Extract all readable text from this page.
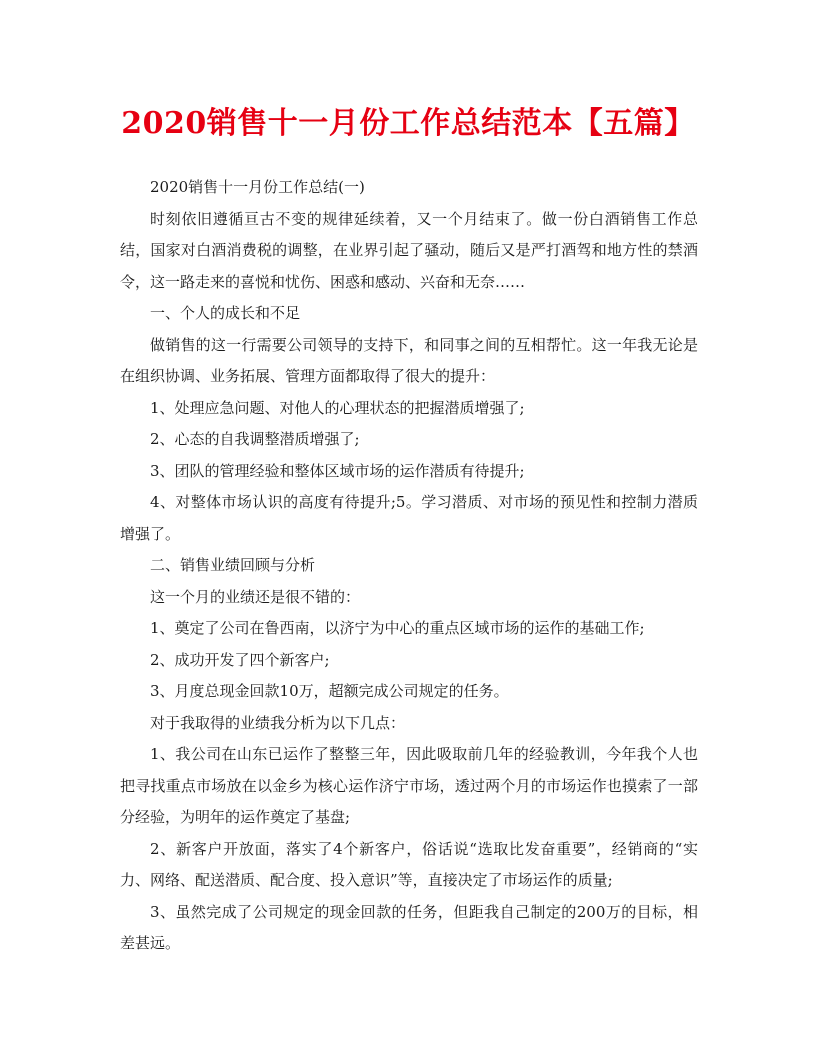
2020销售十一月份工作总结范本【五篇】

2020销售十一月份工作总结(一)

时刻依旧遵循亘古不变的规律延续着，又一个月结束了。做一份白酒销售工作总结，国家对白酒消费税的调整，在业界引起了骚动，随后又是严打酒驾和地方性的禁酒令，这一路走来的喜悦和忧伤、困惑和感动、兴奋和无奈……

一、个人的成长和不足

做销售的这一行需要公司领导的支持下，和同事之间的互相帮忙。这一年我无论是在组织协调、业务拓展、管理方面都取得了很大的提升：

1、处理应急问题、对他人的心理状态的把握潜质增强了;

2、心态的自我调整潜质增强了;

3、团队的管理经验和整体区域市场的运作潜质有待提升;

4、对整体市场认识的高度有待提升;5。学习潜质、对市场的预见性和控制力潜质增强了。

二、销售业绩回顾与分析

这一个月的业绩还是很不错的：

1、奠定了公司在鲁西南，以济宁为中心的重点区域市场的运作的基础工作;

2、成功开发了四个新客户;

3、月度总现金回款10万，超额完成公司规定的任务。

对于我取得的业绩我分析为以下几点：

1、我公司在山东已运作了整整三年，因此吸取前几年的经验教训，今年我个人也把寻找重点市场放在以金乡为核心运作济宁市场，透过两个月的市场运作也摸索了一部分经验，为明年的运作奠定了基盘;

2、新客户开放面，落实了4个新客户，俗话说“选取比发奋重要”，经销商的“实力、网络、配送潜质、配合度、投入意识”等，直接决定了市场运作的质量;

3、虽然完成了公司规定的现金回款的任务，但距我自己制定的200万的目标，相差甚远。
